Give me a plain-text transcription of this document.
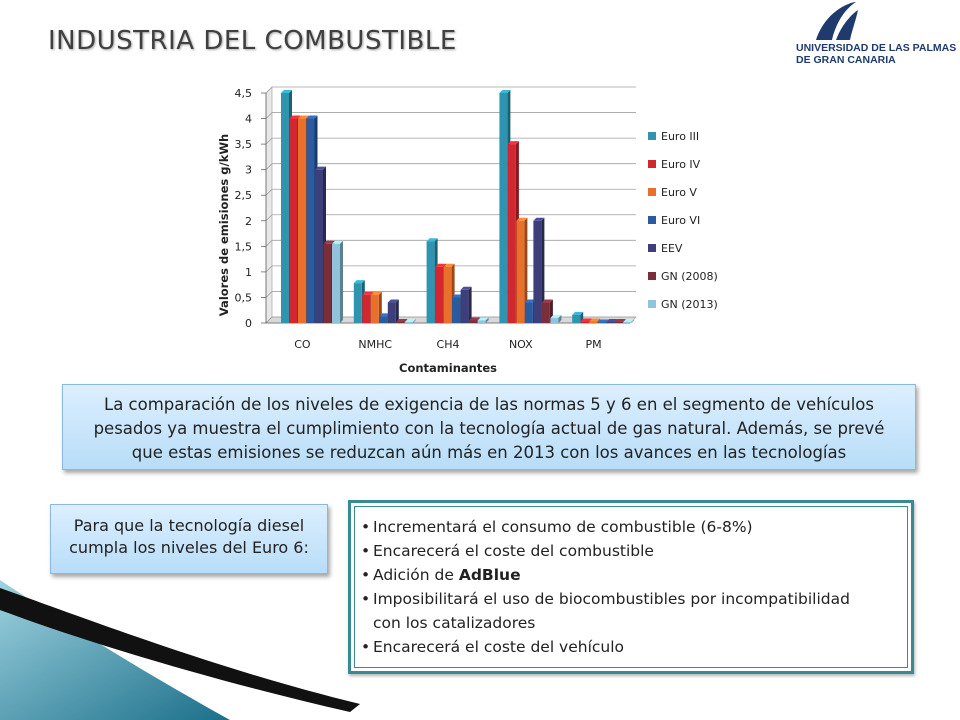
INDUSTRIA DEL COMBUSTIBLE	UNIVERSIDAD DE LAS PALMAS
DE GRAN CANARIA
0
0,5
1
1,5
2
2,5
3
3,5
4
4,5
CO	NMHC	CH4	NOX	PM
Euro III
Euro IV
Euro V
Euro VI
EEV
GN (2008)
GN (2013)
Valores de emisiones g/kWh
Contaminantes
La comparación de los niveles de exigencia de las normas 5 y 6 en el segmento de vehículos pesados ya muestra el cumplimiento con la tecnología actual de gas natural. Además, se prevé que estas emisiones se reduzcan aún más en 2013 con los avances en las tecnologías
Para que la tecnología diesel cumpla los niveles del Euro 6:
• Incrementará el consumo de combustible (6-8%)
• Encarecerá el coste del combustible
• Adición de AdBlue
• Imposibilitará el uso de biocombustibles por incompatibilidad
con los catalizadores
• Encarecerá el coste del vehículo
